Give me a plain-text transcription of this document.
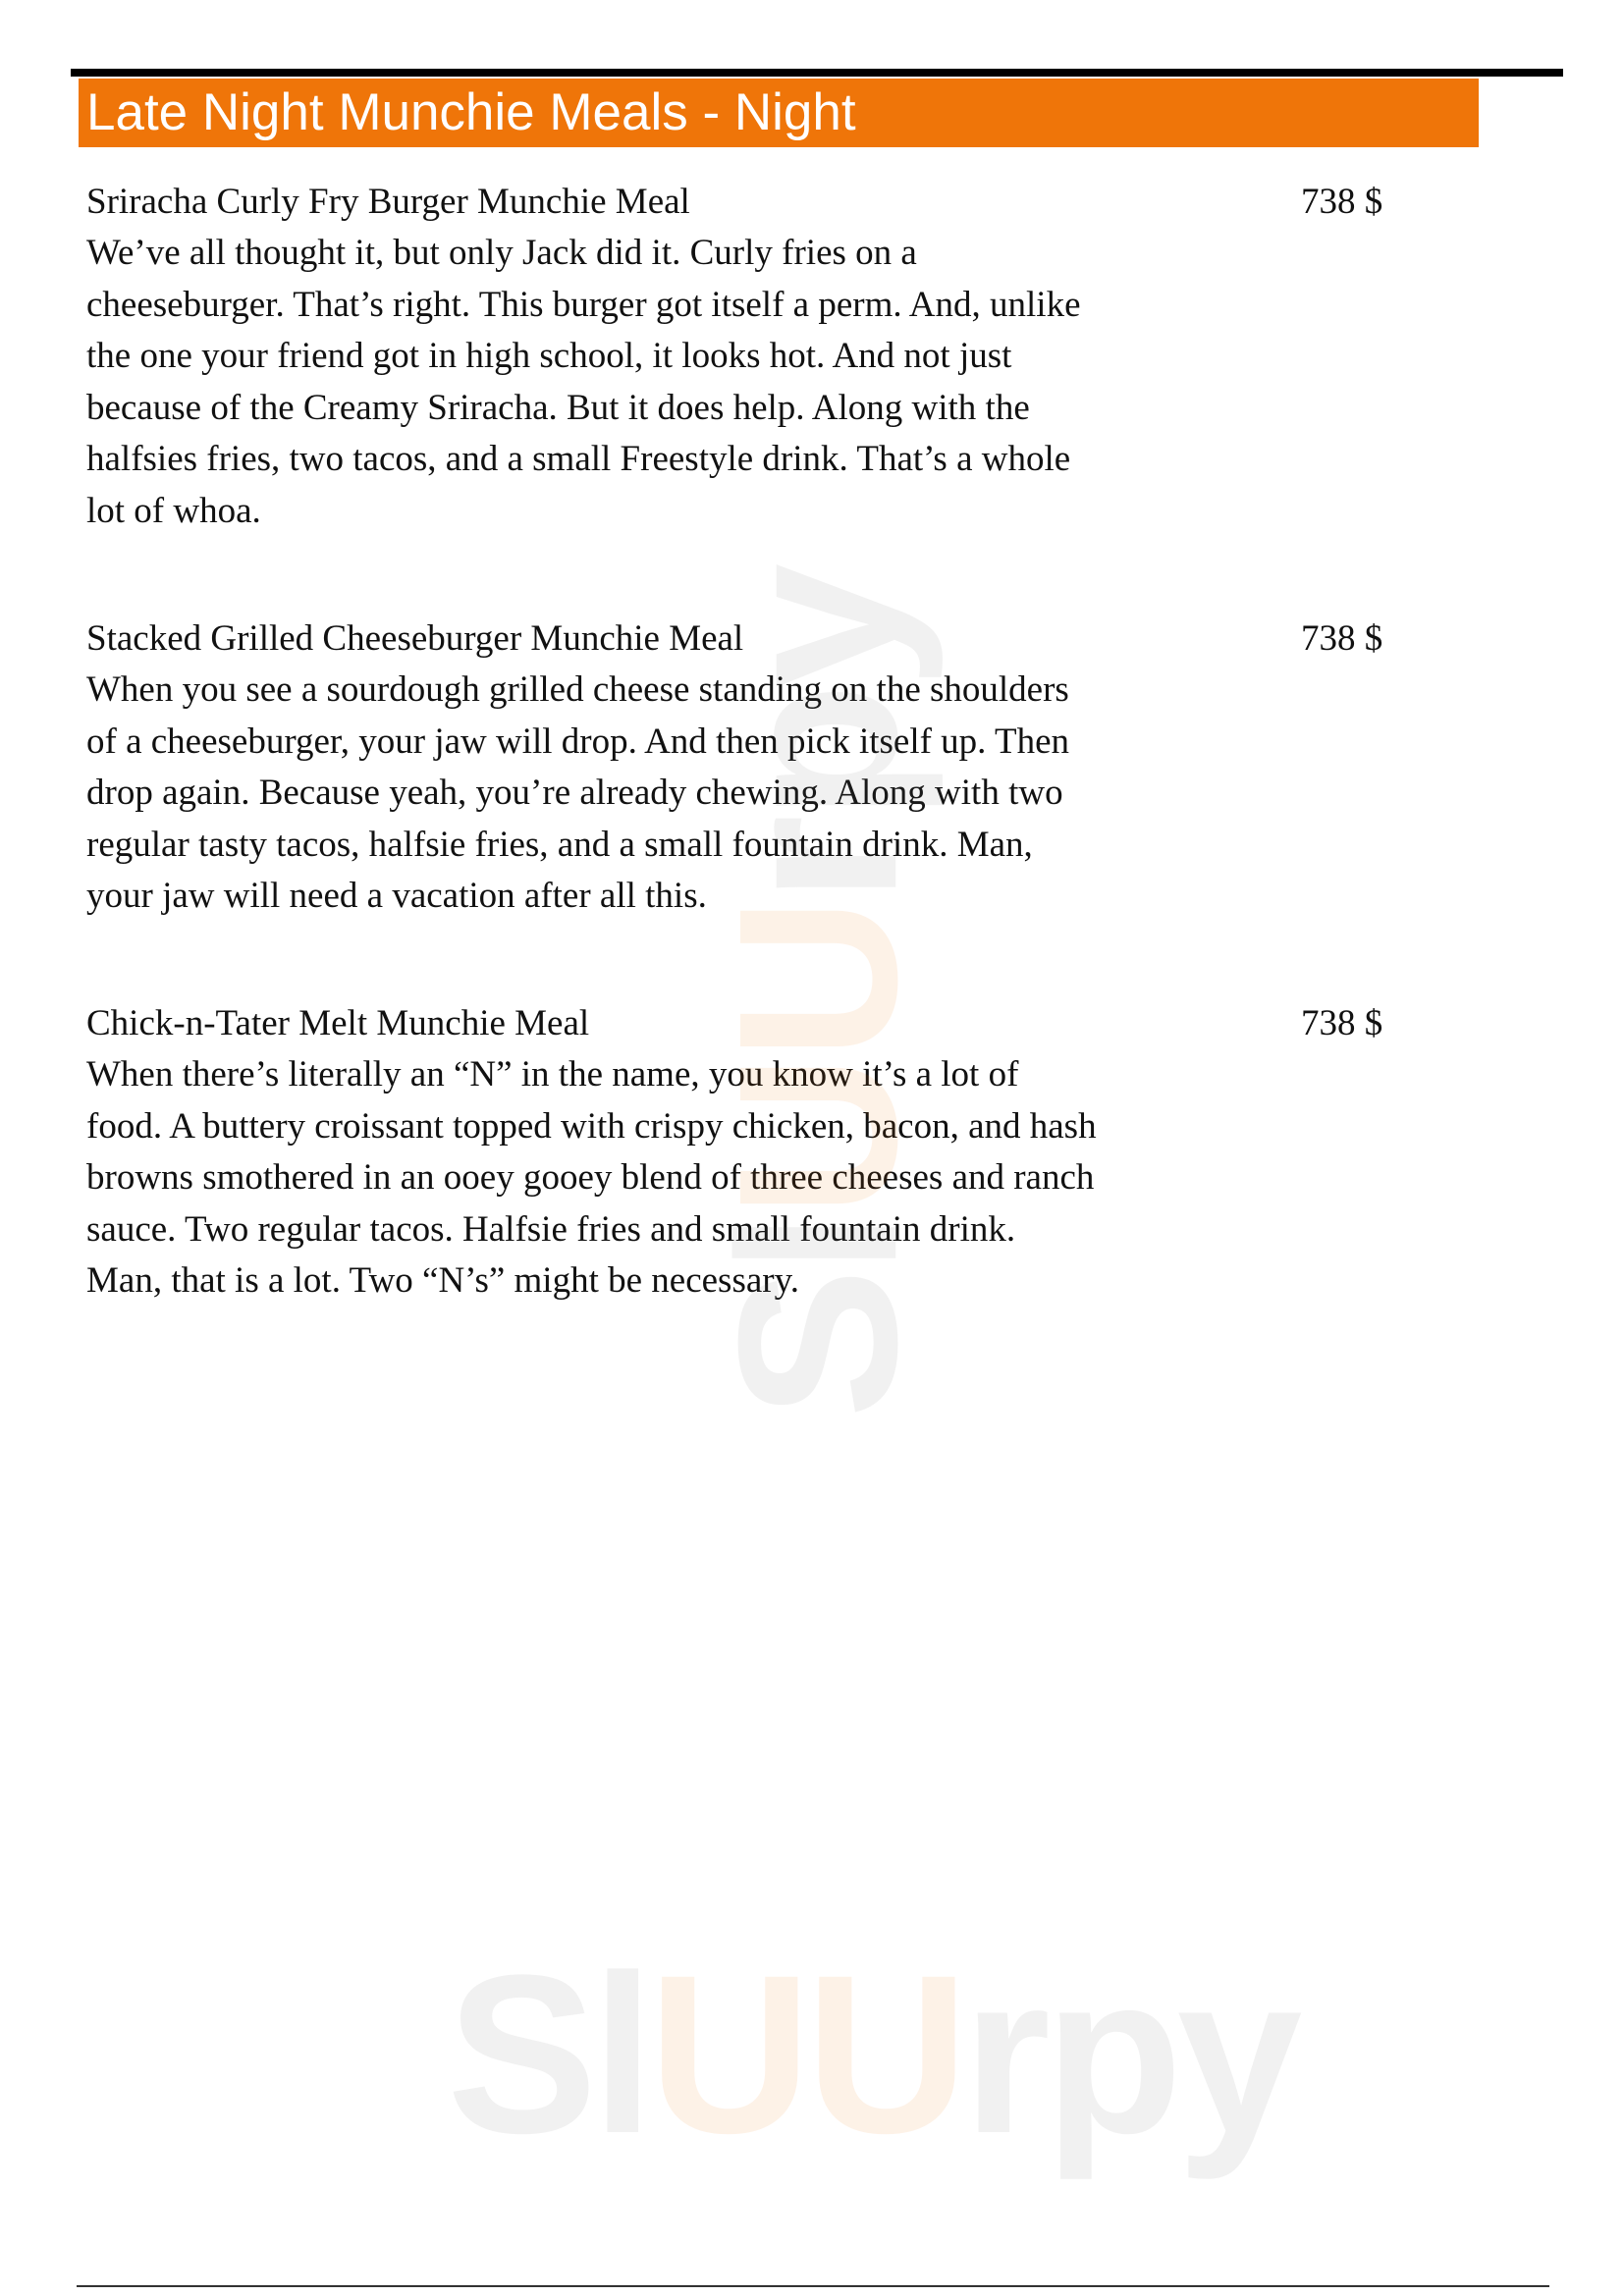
Late Night Munchie Meals - Night
Sriracha Curly Fry Burger Munchie Meal
We’ve all thought it, but only Jack did it. Curly fries on a
cheeseburger. That’s right. This burger got itself a perm. And, unlike
the one your friend got in high school, it looks hot. And not just
because of the Creamy Sriracha. But it does help. Along with the
halfsies fries, two tacos, and a small Freestyle drink. That’s a whole
lot of whoa.
738 $
Stacked Grilled Cheeseburger Munchie Meal
When you see a sourdough grilled cheese standing on the shoulders
of a cheeseburger, your jaw will drop. And then pick itself up. Then
drop again. Because yeah, you’re already chewing. Along with two
regular tasty tacos, halfsie fries, and a small fountain drink. Man,
your jaw will need a vacation after all this.
738 $
Chick-n-Tater Melt Munchie Meal
When there’s literally an “N” in the name, you know it’s a lot of
food. A buttery croissant topped with crispy chicken, bacon, and hash
browns smothered in an ooey gooey blend of three cheeses and ranch
sauce. Two regular tacos. Halfsie fries and small fountain drink.
Man, that is a lot. Two “N’s” might be necessary.
738 $
SlUUrpy
SlUUrpy
